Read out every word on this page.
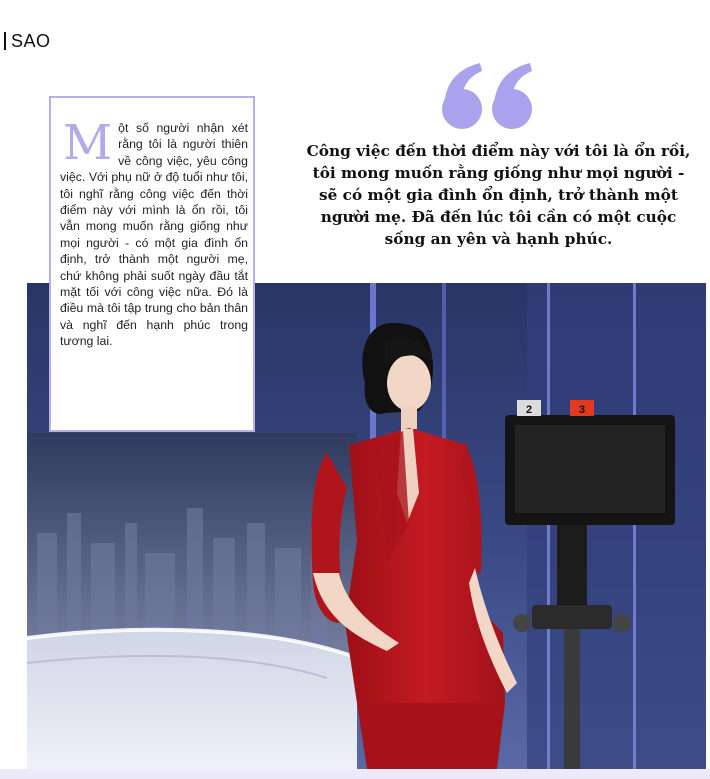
SAO
2	3

Một số người nhận xét rằng tôi là người thiên về công việc, yêu công việc. Với phụ nữ ở độ tuổi như tôi, tôi nghĩ rằng công việc đến thời điểm này với mình là ổn rồi, tôi vẫn mong muốn rằng giống như mọi người - có một gia đình ổn định, trở thành một người mẹ, chứ không phải suốt ngày đầu tắt mặt tối với công việc nữa. Đó là điều mà tôi tập trung cho bản thân và nghĩ đến hạnh phúc trong tương lai.

Công việc đến thời điểm này với tôi là ổn rồi, tôi mong muốn rằng giống như mọi người - sẽ có một gia đình ổn định, trở thành một người mẹ. Đã đến lúc tôi cần có một cuộc sống an yên và hạnh phúc.
